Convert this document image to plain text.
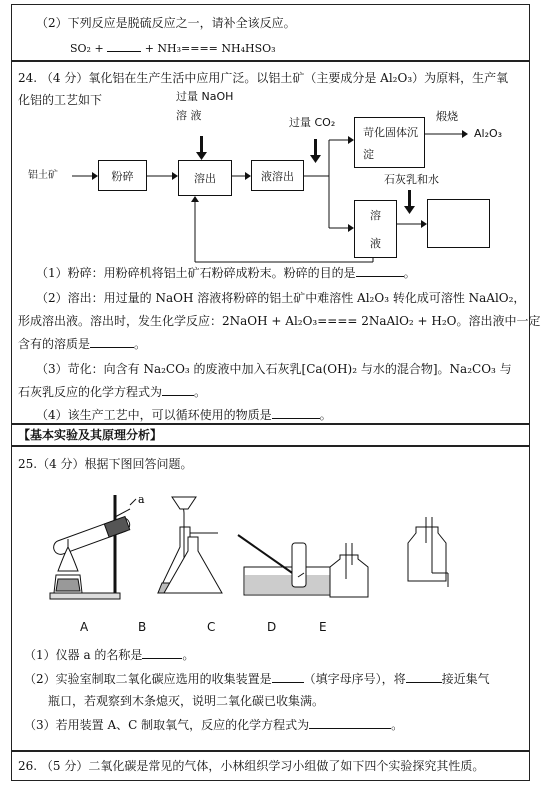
（2）下列反应是脱硫反应之一，请补全该反应。
SO₂ +	+ NH₃==== NH₄HSO₃
24. （4 分）氧化铝在生产生活中应用广泛。以铝土矿（主要成分是 Al₂O₃）为原料，生产氧
化铝的工艺如下	过量 NaOH
溶 液
过量 CO₂	煅烧
Al₂O₃
石灰乳和水
铝土矿	粉碎	溶出	液溶出
苛化固体沉
淀
溶
液
（1）粉碎：用粉碎机将铝土矿石粉碎成粉末。粉碎的目的是	。
（2）溶出：用过量的 NaOH 溶液将粉碎的铝土矿中难溶性 Al₂O₃ 转化成可溶性 NaAlO₂，
形成溶出液。溶出时，发生化学反应：2NaOH + Al₂O₃==== 2NaAlO₂ + H₂O。溶出液中一定
含有的溶质是	。
（3）苛化：向含有 Na₂CO₃ 的废液中加入石灰乳[Ca(OH)₂ 与水的混合物]。Na₂CO₃ 与
石灰乳反应的化学方程式为	。
（4）该生产工艺中，可以循环使用的物质是	。
【基本实验及其原理分析】
25.（4 分）根据下图回答问题。
a
A	B	C	D	E
（1）仪器 a 的名称是	。
（2）实验室制取二氧化碳应选用的收集装置是	（填字母序号），将	接近集气
瓶口，若观察到木条熄灭，说明二氧化碳已收集满。
（3）若用装置 A、C 制取氧气，反应的化学方程式为	。
26. （5 分）二氧化碳是常见的气体，小林组织学习小组做了如下四个实验探究其性质。
